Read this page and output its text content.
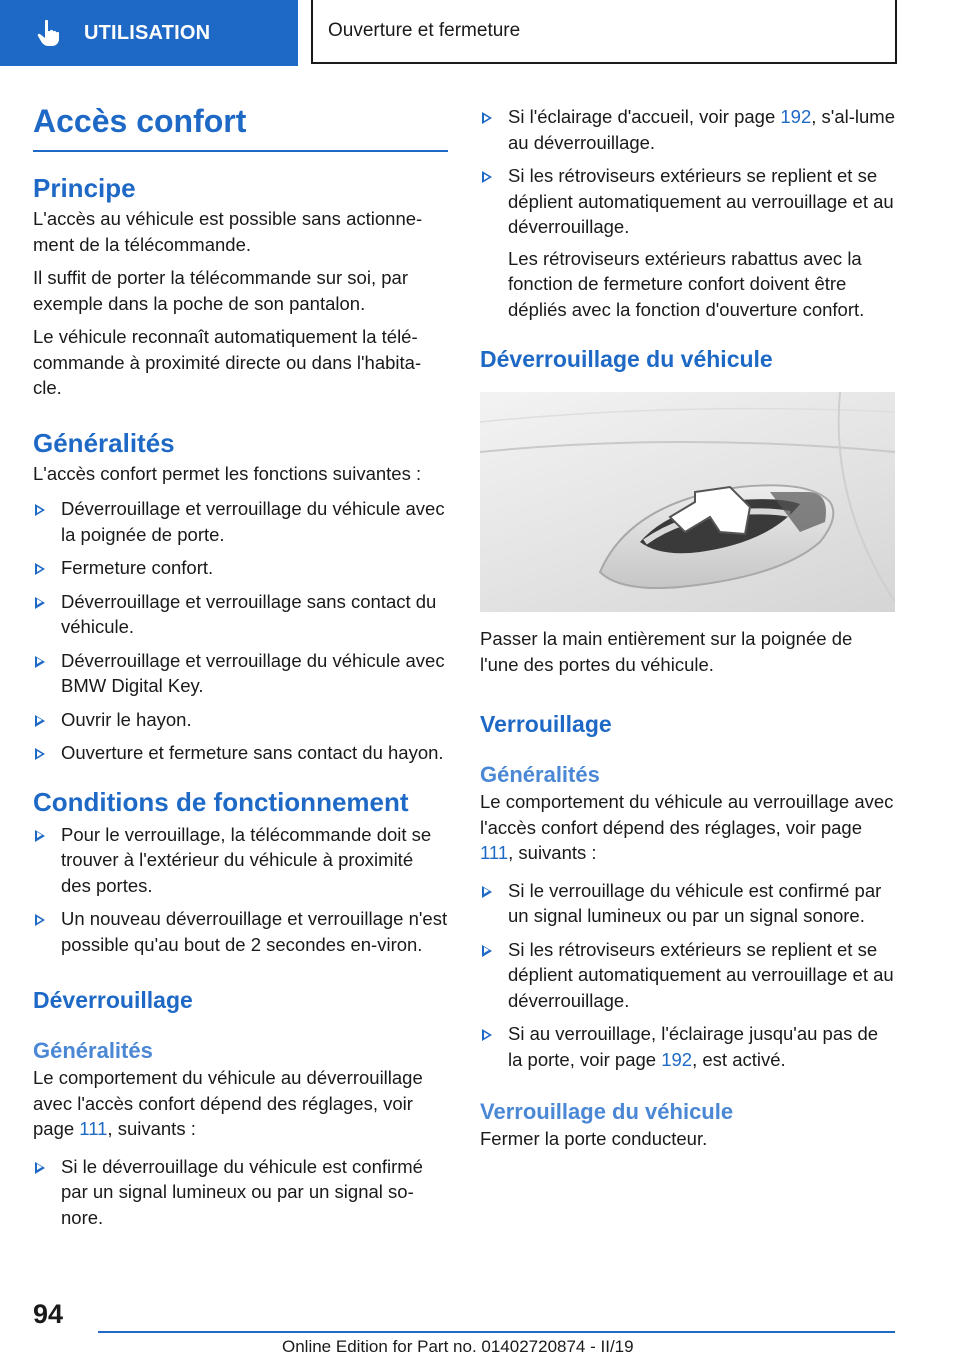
UTILISATION	Ouverture et fermeture
Accès confort
Principe

L'accès au véhicule est possible sans actionne‐ment de la télécommande.

Il suffit de porter la télécommande sur soi, par exemple dans la poche de son pantalon.

Le véhicule reconnaît automatiquement la télé‐commande à proximité directe ou dans l'habita‐cle.

Généralités

L'accès confort permet les fonctions suivantes :

Déverrouillage et verrouillage du véhicule avec la poignée de porte.
Fermeture confort.
Déverrouillage et verrouillage sans contact du véhicule.
Déverrouillage et verrouillage du véhicule avec BMW Digital Key.
Ouvrir le hayon.
Ouverture et fermeture sans contact du hayon.
Conditions de fonctionnement
Pour le verrouillage, la télécommande doit se trouver à l'extérieur du véhicule à proximité des portes.
Un nouveau déverrouillage et verrouillage n'est possible qu'au bout de 2 secondes en‐viron.
Déverrouillage
Généralités

Le comportement du véhicule au déverrouillage avec l'accès confort dépend des réglages, voir page 111, suivants :

Si le déverrouillage du véhicule est confirmé par un signal lumineux ou par un signal so‐nore.
Si l'éclairage d'accueil, voir page 192, s'al‐lume au déverrouillage.
Si les rétroviseurs extérieurs se replient et se déplient automatiquement au verrouillage et au déverrouillage.

Les rétroviseurs extérieurs rabattus avec la fonction de fermeture confort doivent être dépliés avec la fonction d'ouverture confort.

Déverrouillage du véhicule

Passer la main entièrement sur la poignée de l'une des portes du véhicule.

Verrouillage
Généralités

Le comportement du véhicule au verrouillage avec l'accès confort dépend des réglages, voir page 111, suivants :

Si le verrouillage du véhicule est confirmé par un signal lumineux ou par un signal sonore.
Si les rétroviseurs extérieurs se replient et se déplient automatiquement au verrouillage et au déverrouillage.
Si au verrouillage, l'éclairage jusqu'au pas de la porte, voir page 192, est activé.
Verrouillage du véhicule

Fermer la porte conducteur.

94
Online Edition for Part no. 01402720874 - II/19
